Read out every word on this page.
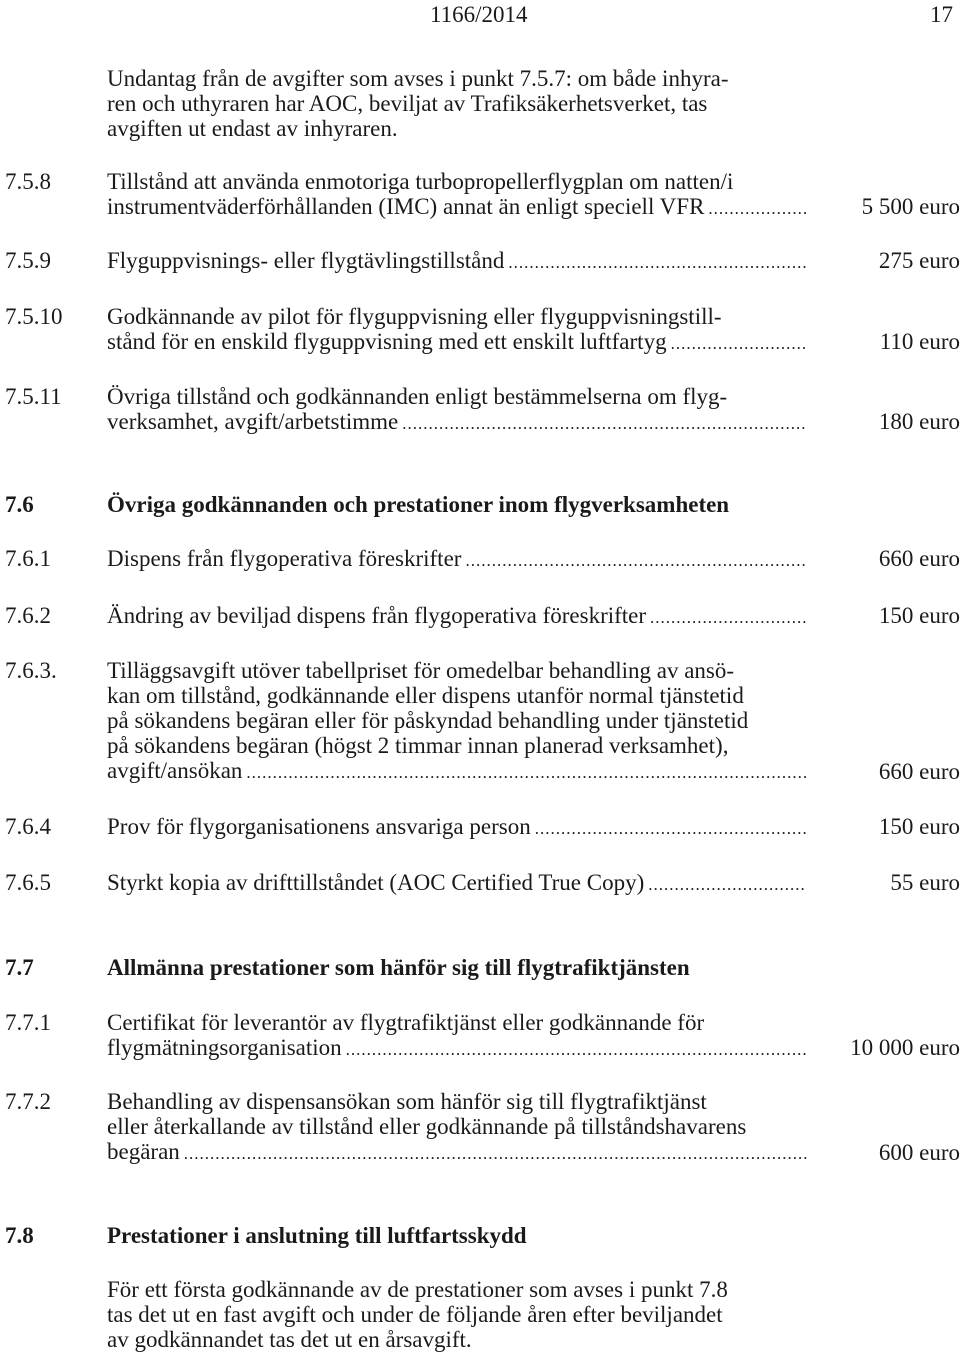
1166/2014	17
Undantag från de avgifter som avses i punkt 7.5.7: om både inhyra-
ren och uthyraren har AOC, beviljat av Trafiksäkerhetsverket, tas
avgiften ut endast av inhyraren.
7.5.8 Tillstånd att använda enmotoriga turbopropellerflygplan om natten/i
instrumentväderförhållanden (IMC) annat än enligt speciell VFR .....	5 500 euro
7.5.9 Flyguppvisnings- eller flygtävlingstillstånd .....	275 euro
7.5.10 Godkännande av pilot för flyguppvisning eller flyguppvisningstill-
stånd för en enskild flyguppvisning med ett enskilt luftfartyg .....	110 euro
7.5.11 Övriga tillstånd och godkännanden enligt bestämmelserna om flyg-
verksamhet, avgift/arbetstimme .....	180 euro
7.6	Övriga godkännanden och prestationer inom flygverksamheten
7.6.1 Dispens från flygoperativa föreskrifter .....	660 euro
7.6.2 Ändring av beviljad dispens från flygoperativa föreskrifter .....	150 euro
7.6.3. Tilläggsavgift utöver tabellpriset för omedelbar behandling av ansö-
kan om tillstånd, godkännande eller dispens utanför normal tjänstetid
på sökandens begäran eller för påskyndad behandling under tjänstetid
på sökandens begäran (högst 2 timmar innan planerad verksamhet),
avgift/ansökan .....	660 euro
7.6.4 Prov för flygorganisationens ansvariga person .....	150 euro
7.6.5 Styrkt kopia av drifttillståndet (AOC Certified True Copy) .....	55 euro
7.7	Allmänna prestationer som hänför sig till flygtrafiktjänsten
7.7.1 Certifikat för leverantör av flygtrafiktjänst eller godkännande för
flygmätningsorganisation .....	10 000 euro
7.7.2 Behandling av dispensansökan som hänför sig till flygtrafiktjänst
eller återkallande av tillstånd eller godkännande på tillståndshavarens
begäran .....	600 euro
7.8	Prestationer i anslutning till luftfartsskydd
För ett första godkännande av de prestationer som avses i punkt 7.8
tas det ut en fast avgift och under de följande åren efter beviljandet
av godkännandet tas det ut en årsavgift.
